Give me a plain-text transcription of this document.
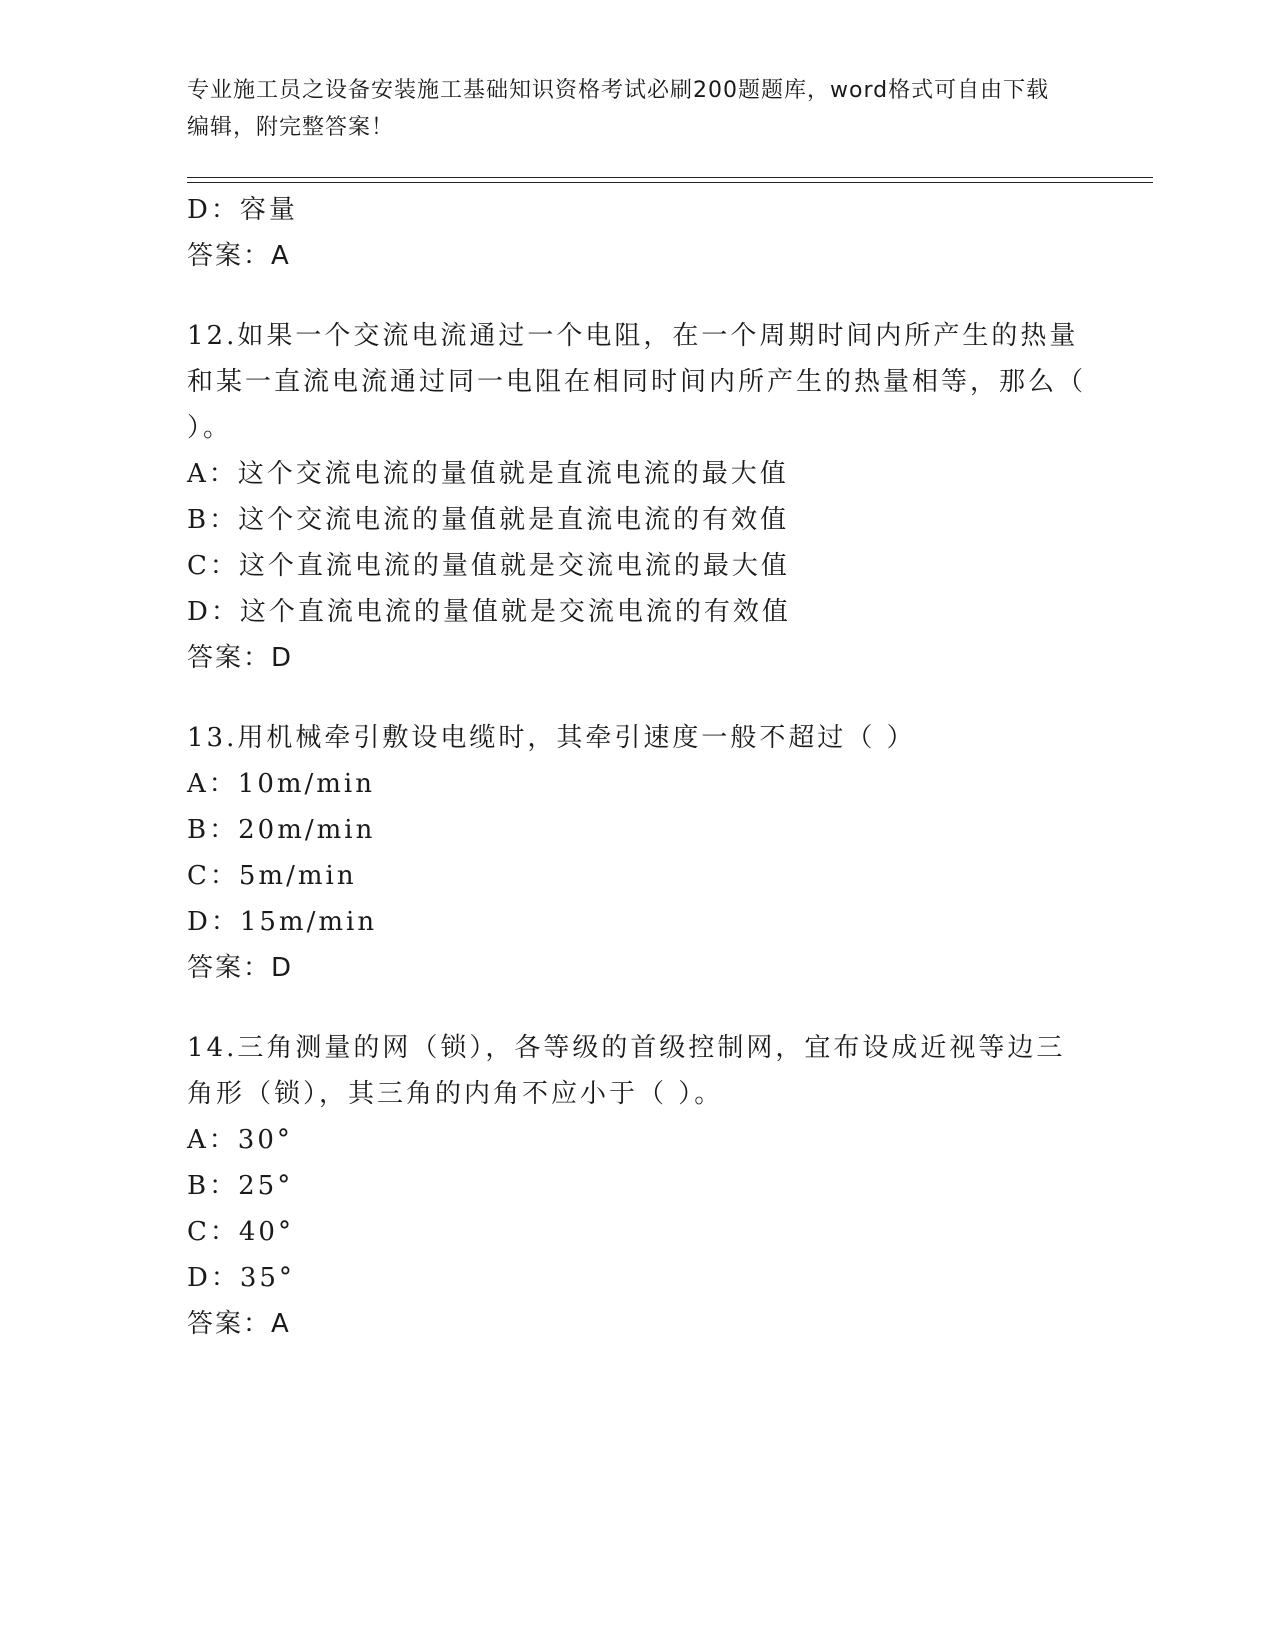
专业施工员之设备安装施工基础知识资格考试必刷200题题库，word格式可自由下载编辑，附完整答案！
D：容量
答案：A
12.如果一个交流电流通过一个电阻，在一个周期时间内所产生的热量和某一直流电流通过同一电阻在相同时间内所产生的热量相等，那么（ ）。
A：这个交流电流的量值就是直流电流的最大值
B：这个交流电流的量值就是直流电流的有效值
C：这个直流电流的量值就是交流电流的最大值
D：这个直流电流的量值就是交流电流的有效值
答案：D
13.用机械牵引敷设电缆时，其牵引速度一般不超过（ ）
A：10m/min
B：20m/min
C：5m/min
D：15m/min
答案：D
14.三角测量的网（锁），各等级的首级控制网，宜布设成近视等边三角形（锁），其三角的内角不应小于（ ）。
A：30°
B：25°
C：40°
D：35°
答案：A
